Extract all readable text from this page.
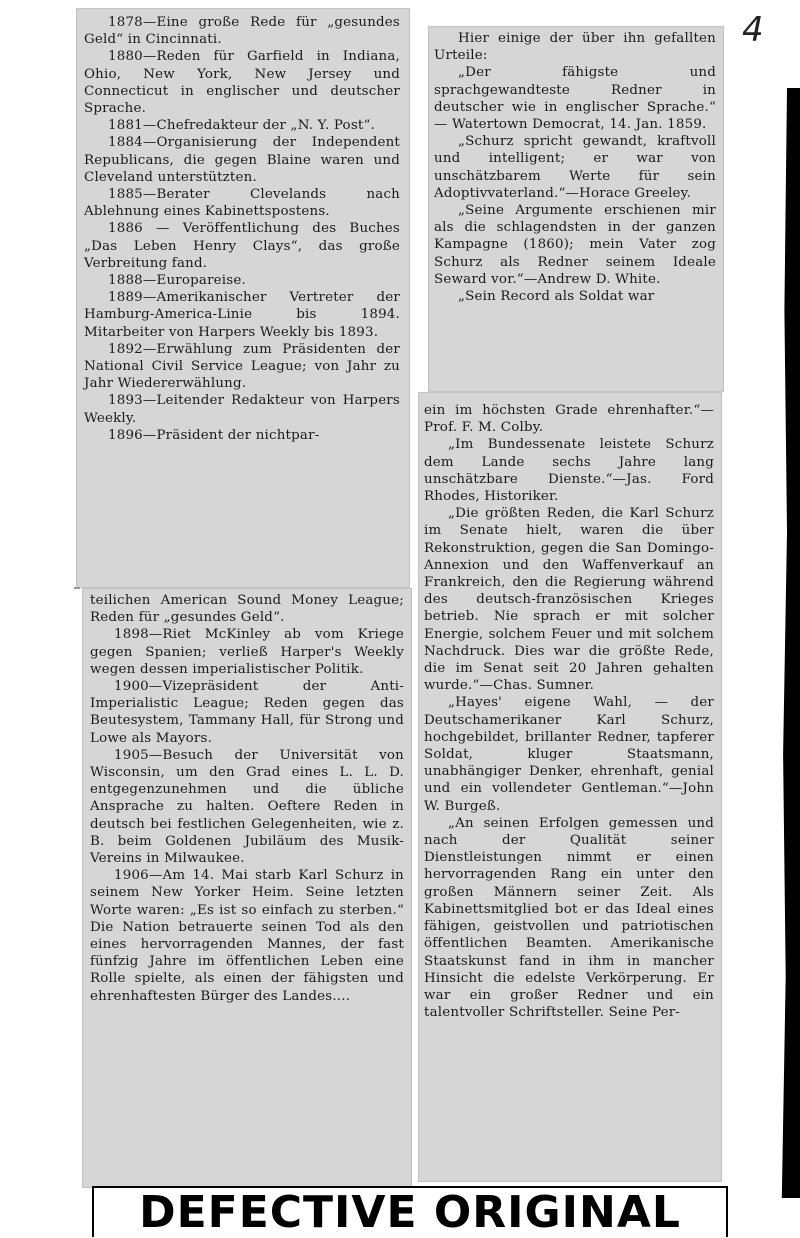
4

1878—Eine große Rede für „gesundes Geld“ in Cincinnati.

1880—Reden für Garfield in Indiana, Ohio, New York, New Jersey und Connecticut in englischer und deutscher Sprache.

1881—Chefredakteur der „N. Y. Post“.

1884—Organisierung der Independent Republicans, die gegen Blaine waren und Cleveland unterstützten.

1885—Berater Clevelands nach Ablehnung eines Kabinettspostens.

1886 — Veröffentlichung des Buches „Das Leben Henry Clays“, das große Verbreitung fand.

1888—Europareise.

1889—Amerikanischer Vertreter der Hamburg-America-Linie bis 1894. Mitarbeiter von Harpers Weekly bis 1893.

1892—Erwählung zum Präsidenten der National Civil Service League; von Jahr zu Jahr Wiedererwählung.

1893—Leitender Redakteur von Harpers Weekly.

1896—Präsident der nichtpar-

teilichen American Sound Money League; Reden für „gesundes Geld“.

1898—Riet McKinley ab vom Kriege gegen Spanien; verließ Harper's Weekly wegen dessen imperialistischer Politik.

1900—Vizepräsident der Anti-Imperialistic League; Reden gegen das Beutesystem, Tammany Hall, für Strong und Lowe als Mayors.

1905—Besuch der Universität von Wisconsin, um den Grad eines L. L. D. entgegenzunehmen und die übliche Ansprache zu halten. Oeftere Reden in deutsch bei festlichen Gelegenheiten, wie z. B. beim Goldenen Jubiläum des Musik-Vereins in Milwaukee.

1906—Am 14. Mai starb Karl Schurz in seinem New Yorker Heim. Seine letzten Worte waren: „Es ist so einfach zu sterben.“ Die Nation betrauerte seinen Tod als den eines hervorragenden Mannes, der fast fünfzig Jahre im öffentlichen Leben eine Rolle spielte, als einen der fähigsten und ehrenhaftesten Bürger des Landes....

Hier einige der über ihn gefallten Urteile:

„Der fähigste und sprachgewandteste Redner in deutscher wie in englischer Sprache.“ — Watertown Democrat, 14. Jan. 1859.

„Schurz spricht gewandt, kraftvoll und intelligent; er war von unschätzbarem Werte für sein Adoptivvaterland.“—Horace Greeley.

„Seine Argumente erschienen mir als die schlagendsten in der ganzen Kampagne (1860); mein Vater zog Schurz als Redner seinem Ideale Seward vor.“—Andrew D. White.

„Sein Record als Soldat war

ein im höchsten Grade ehrenhafter.“—Prof. F. M. Colby.

„Im Bundessenate leistete Schurz dem Lande sechs Jahre lang unschätzbare Dienste.“—Jas. Ford Rhodes, Historiker.

„Die größten Reden, die Karl Schurz im Senate hielt, waren die über Rekonstruktion, gegen die San Domingo-Annexion und den Waffenverkauf an Frankreich, den die Regierung während des deutsch-französischen Krieges betrieb. Nie sprach er mit solcher Energie, solchem Feuer und mit solchem Nachdruck. Dies war die größte Rede, die im Senat seit 20 Jahren gehalten wurde.“—Chas. Sumner.

„Hayes' eigene Wahl, — der Deutschamerikaner Karl Schurz, hochgebildet, brillanter Redner, tapferer Soldat, kluger Staatsmann, unabhängiger Denker, ehrenhaft, genial und ein vollendeter Gentleman.“—John W. Burgeß.

„An seinen Erfolgen gemessen und nach der Qualität seiner Dienstleistungen nimmt er einen hervorragenden Rang ein unter den großen Männern seiner Zeit. Als Kabinettsmitglied bot er das Ideal eines fähigen, geistvollen und patriotischen öffentlichen Beamten. Amerikanische Staatskunst fand in ihm in mancher Hinsicht die edelste Verkörperung. Er war ein großer Redner und ein talentvoller Schriftsteller. Seine Per-

DEFECTIVE ORIGINAL
